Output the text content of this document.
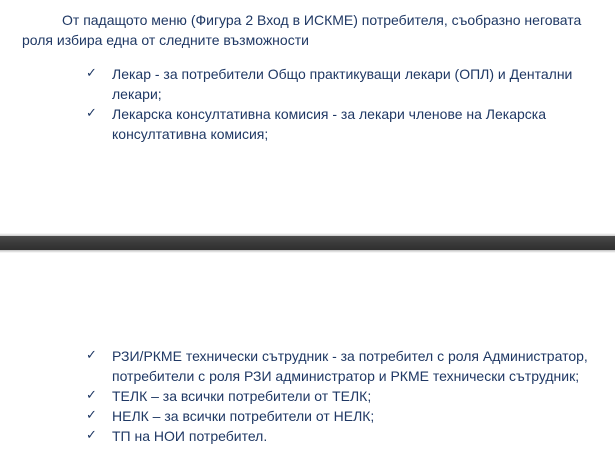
От падащото меню (Фигура 2 Вход в ИСКМЕ) потребителя, съобразно неговата роля избира една от следните възможности

✓ Лекар - за потребители Общо практикуващи лекари (ОПЛ) и Дентални лекари;
✓ Лекарска консултативна комисия - за лекари членове на Лекарска консултативна комисия;
✓ РЗИ/РКМЕ технически сътрудник - за потребител с роля Администратор, потребители с роля РЗИ администратор и РКМЕ технически сътрудник;
✓ ТЕЛК – за всички потребители от ТЕЛК;
✓ НЕЛК – за всички потребители от НЕЛК;
✓ ТП на НОИ потребител.
